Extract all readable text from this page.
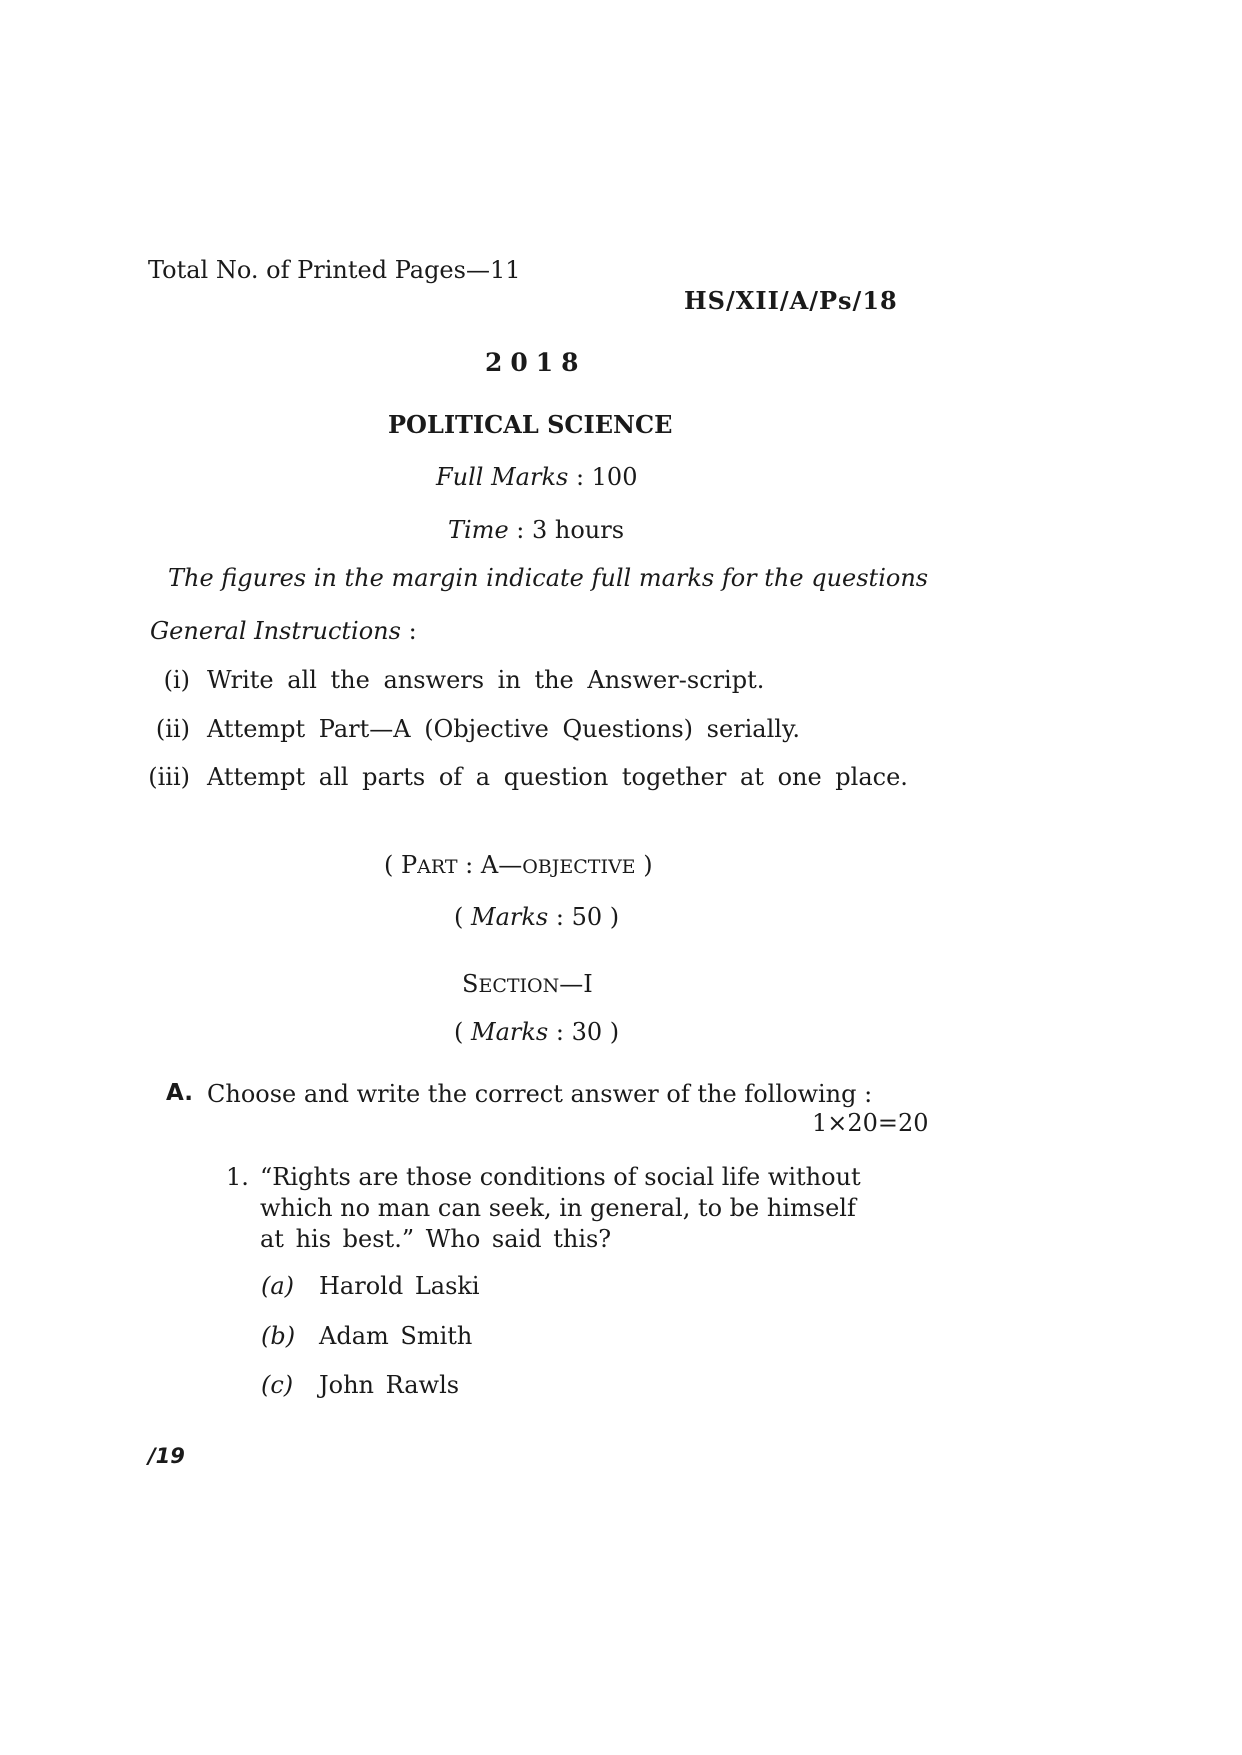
Total No. of Printed Pages—11
HS/XII/A/Ps/18
2018
POLITICAL SCIENCE
Full Marks : 100
Time : 3 hours
The figures in the margin indicate full marks for the questions
General Instructions :
(i) Write all the answers in the Answer-script.
(ii) Attempt Part—A (Objective Questions) serially.
(iii) Attempt all parts of a question together at one place.
( PART : A—OBJECTIVE )
( Marks : 50 )
SECTION—I
( Marks : 30 )
A. Choose and write the correct answer of the following :
1×20=20
1. “Rights are those conditions of social life without
which no man can seek, in general, to be himself
at his best.” Who said this?
(a) Harold Laski
(b) Adam Smith
(c) John Rawls
/19
